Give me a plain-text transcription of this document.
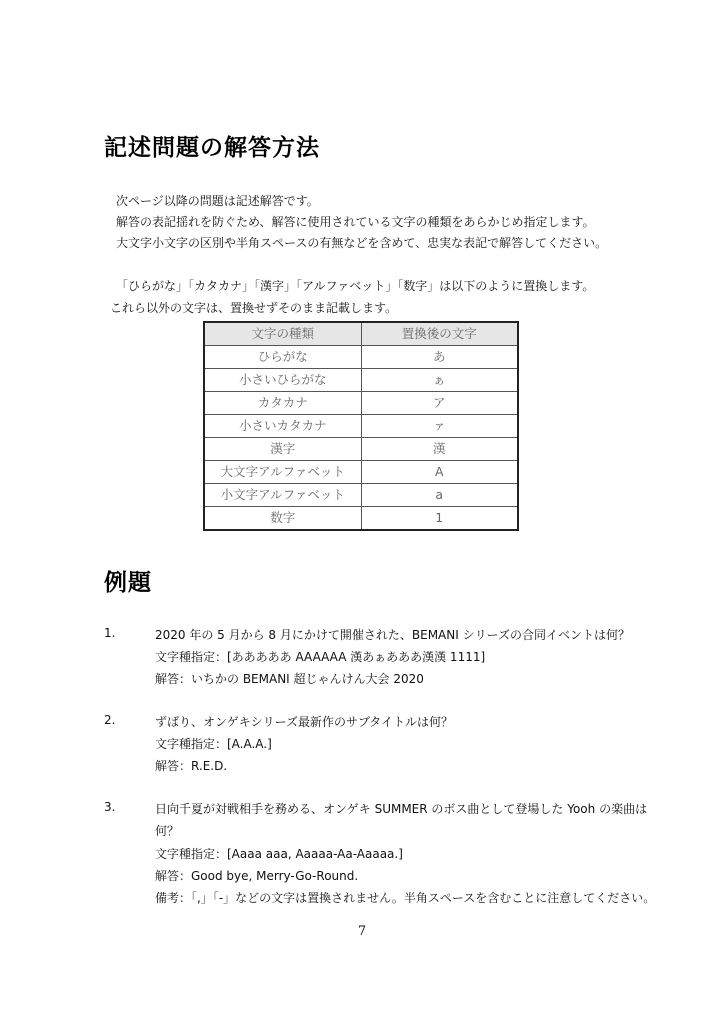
記述問題の解答方法
次ページ以降の問題は記述解答です。
解答の表記揺れを防ぐため、解答に使用されている文字の種類をあらかじめ指定します。
大文字小文字の区別や半角スペースの有無などを含めて、忠実な表記で解答してください。
「ひらがな」「カタカナ」「漢字」「アルファベット」「数字」は以下のように置換します。
これら以外の文字は、置換せずそのまま記載します。
文字の種類	置換後の文字
ひらがな	あ
小さいひらがな	ぁ
カタカナ	ア
小さいカタカナ	ァ
漢字	漢
大文字アルファベット	A
小文字アルファベット	a
数字	1
例題
1.	2020 年の 5 月から 8 月にかけて開催された、BEMANI シリーズの合同イベントは何？
文字種指定：[あああああ AAAAAA 漢あぁあああ漢漢 1111]
解答：いちかの BEMANI 超じゃんけん大会 2020
2.	ずばり、オンゲキシリーズ最新作のサブタイトルは何？
文字種指定：[A.A.A.]
解答：R.E.D.
3.	日向千夏が対戦相手を務める、オンゲキ SUMMER のボス曲として登場した Yooh の楽曲は
何？
文字種指定：[Aaaa aaa, Aaaaa-Aa-Aaaaa.]
解答：Good bye, Merry-Go-Round.
備考：「,」「-」などの文字は置換されません。半角スペースを含むことに注意してください。
7
